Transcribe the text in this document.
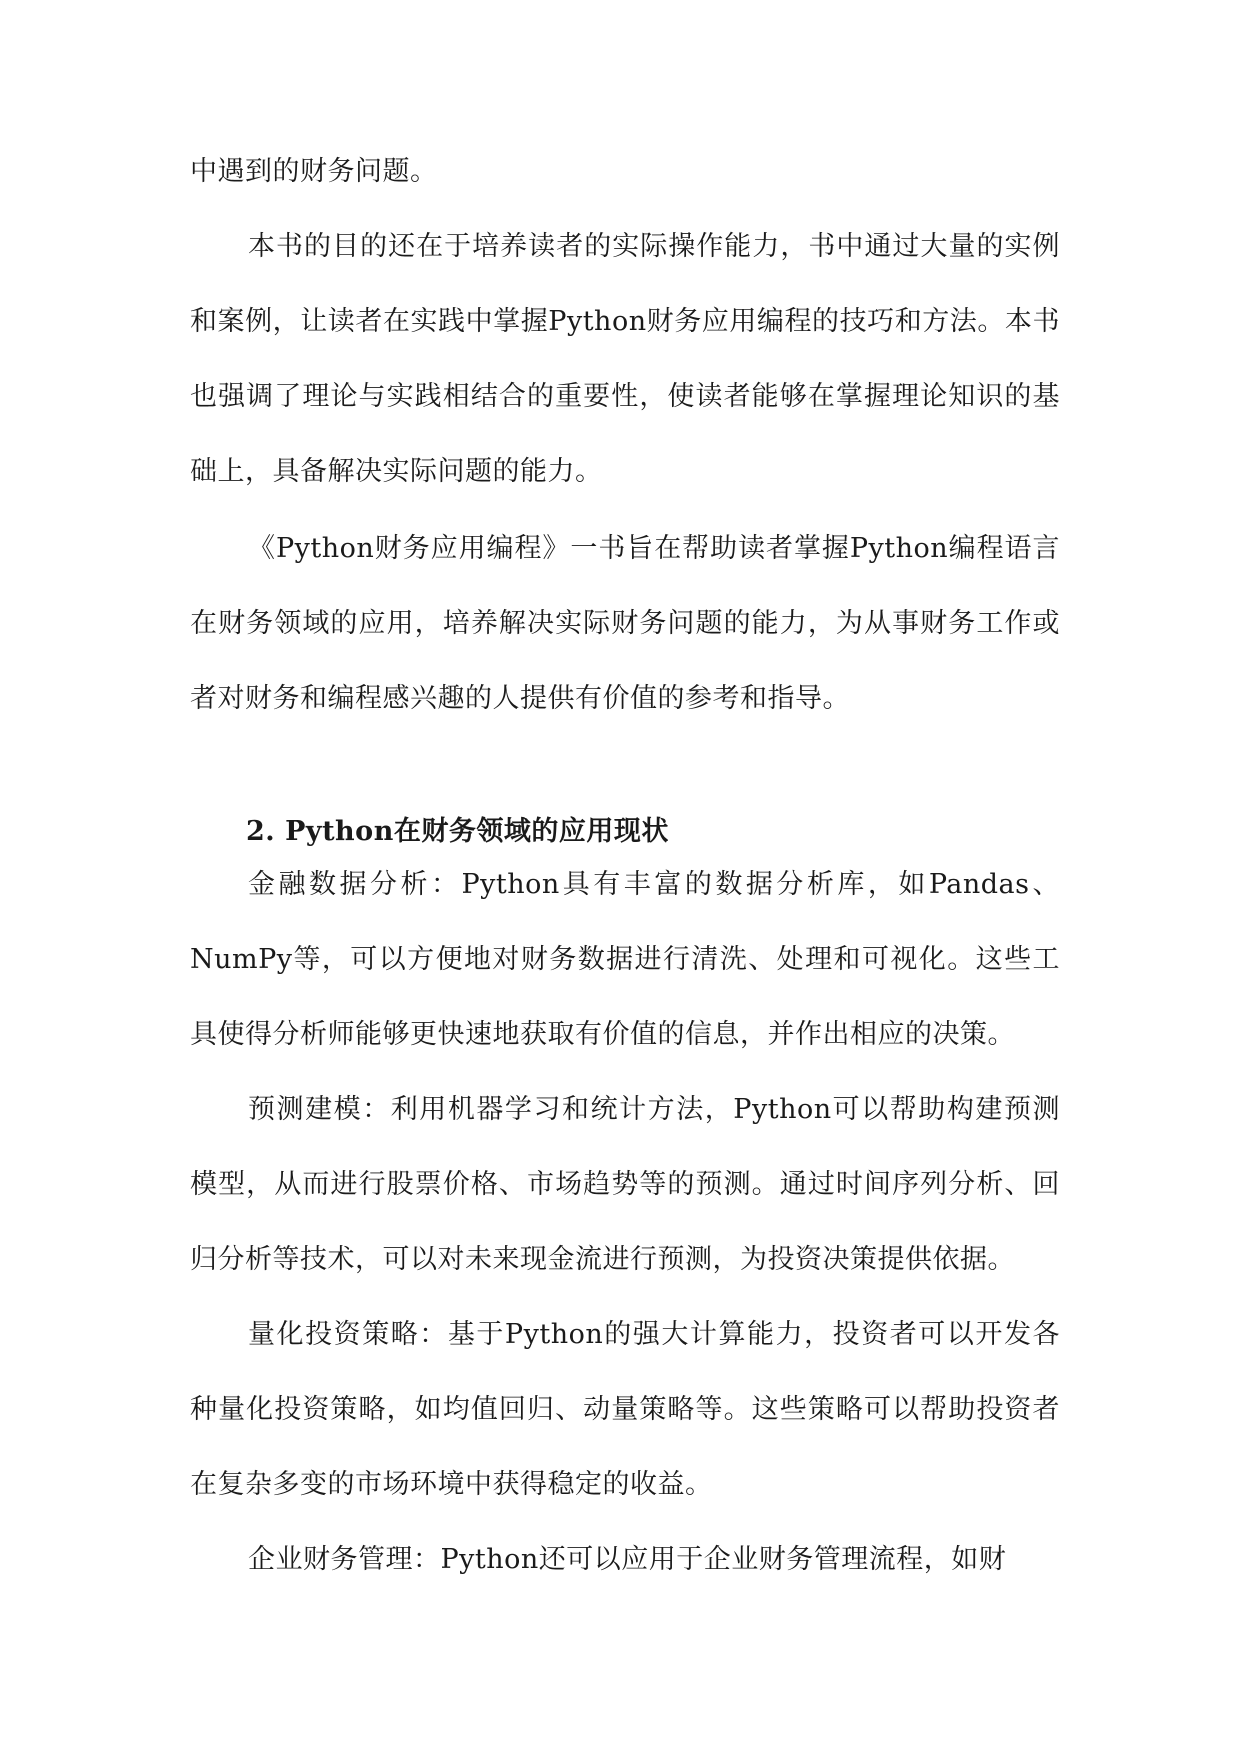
中遇到的财务问题。

本书的目的还在于培养读者的实际操作能力，书中通过大量的实例和案例，让读者在实践中掌握Python财务应用编程的技巧和方法。本书也强调了理论与实践相结合的重要性，使读者能够在掌握理论知识的基础上，具备解决实际问题的能力。

《Python财务应用编程》一书旨在帮助读者掌握Python编程语言在财务领域的应用，培养解决实际财务问题的能力，为从事财务工作或者对财务和编程感兴趣的人提供有价值的参考和指导。

2. Python在财务领域的应用现状

金融数据分析：Python具有丰富的数据分析库，如Pandas、NumPy等，可以方便地对财务数据进行清洗、处理和可视化。这些工具使得分析师能够更快速地获取有价值的信息，并作出相应的决策。

预测建模：利用机器学习和统计方法，Python可以帮助构建预测模型，从而进行股票价格、市场趋势等的预测。通过时间序列分析、回归分析等技术，可以对未来现金流进行预测，为投资决策提供依据。

量化投资策略：基于Python的强大计算能力，投资者可以开发各种量化投资策略，如均值回归、动量策略等。这些策略可以帮助投资者在复杂多变的市场环境中获得稳定的收益。

企业财务管理：Python还可以应用于企业财务管理流程，如财
